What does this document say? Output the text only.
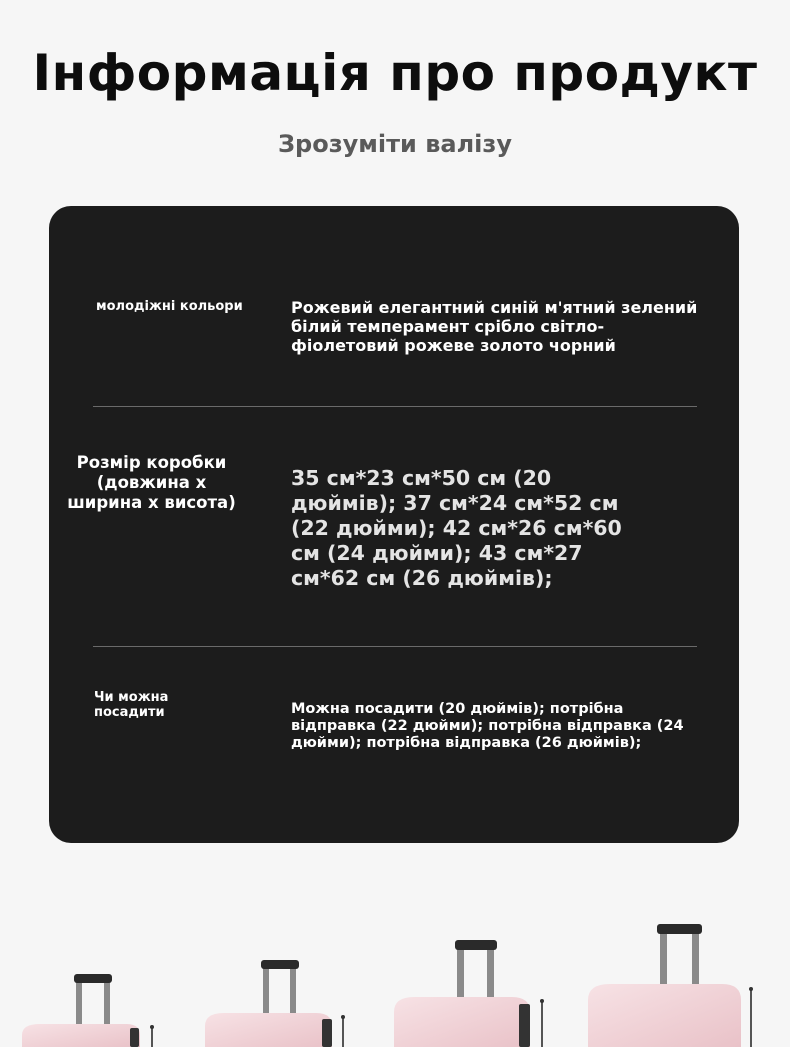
Інформація про продукт
Зрозуміти валізу
молодіжні кольори	Рожевий елегантний синій м'ятний зелений білий темперамент срібло світло-фіолетовий рожеве золото чорний
Розмір коробки (довжина x ширина x висота)
35 см*23 см*50 см (20 дюймів); 37 см*24 см*52 см (22 дюйми); 42 см*26 см*60 см (24 дюйми); 43 см*27 см*62 см (26 дюймів);
Чи можна посадити	Можна посадити (20 дюймів); потрібна відправка (22 дюйми); потрібна відправка (24 дюйми); потрібна відправка (26 дюймів);
